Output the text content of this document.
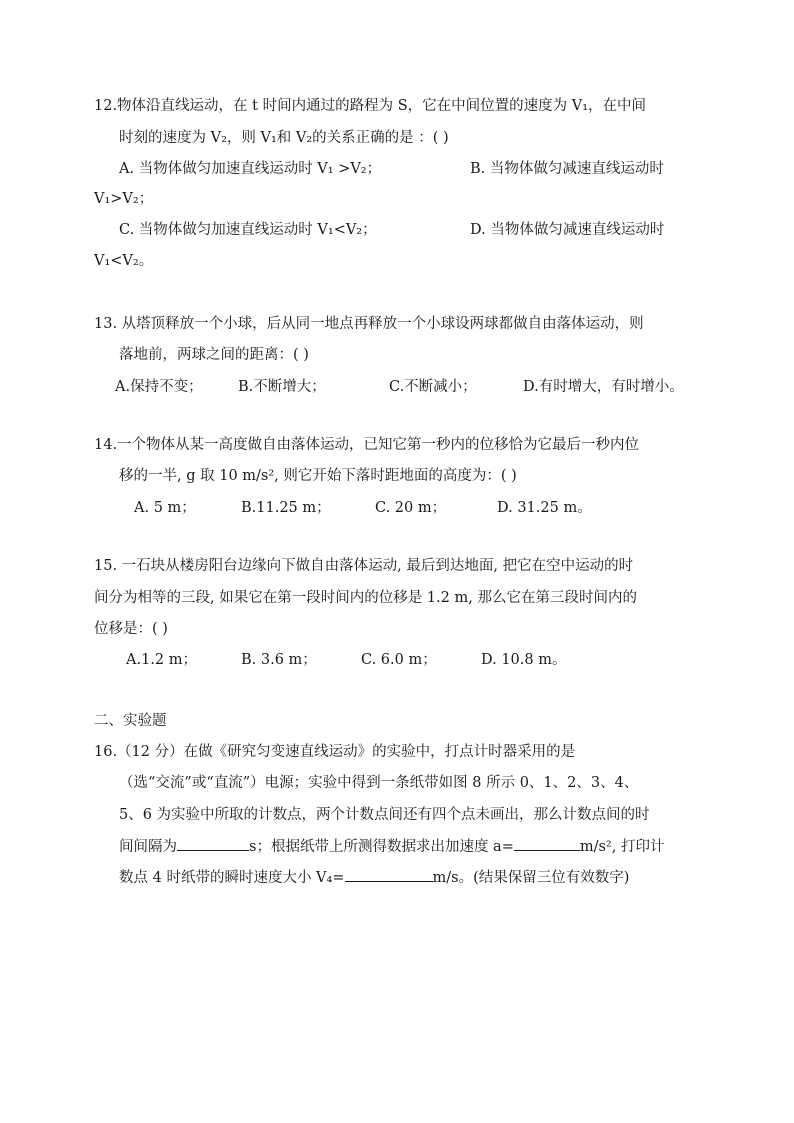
12.物体沿直线运动，在 t 时间内通过的路程为 S，它在中间位置的速度为 V₁，在中间
时刻的速度为 V₂，则 V₁和 V₂的关系正确的是 ：( )
A. 当物体做匀加速直线运动时 V₁ >V₂；	B. 当物体做匀减速直线运动时
V₁>V₂；
C. 当物体做匀加速直线运动时 V₁<V₂；	D. 当物体做匀减速直线运动时
V₁<V₂。
13. 从塔顶释放一个小球，后从同一地点再释放一个小球设两球都做自由落体运动，则
落地前，两球之间的距离：( )
A.保持不变； B.不断增大；	C.不断减小；	D.有时增大，有时增小。
14.一个物体从某一高度做自由落体运动，已知它第一秒内的位移恰为它最后一秒内位
移的一半, g 取 10 m/s², 则它开始下落时距地面的高度为：( )
A. 5 m；	B.11.25 m；	C. 20 m；	D. 31.25 m。
15. 一石块从楼房阳台边缘向下做自由落体运动, 最后到达地面, 把它在空中运动的时
间分为相等的三段, 如果它在第一段时间内的位移是 1.2 m, 那么它在第三段时间内的
位移是：( )
A.1.2 m；	B. 3.6 m；	C. 6.0 m；	D. 10.8 m。
二、实验题
16.（12 分）在做《研究匀变速直线运动》的实验中，打点计时器采用的是
（选“交流”或“直流”）电源；实验中得到一条纸带如图 8 所示 0、1、2、3、4、
5、6 为实验中所取的计数点，两个计数点间还有四个点未画出，那么计数点间的时
间间隔为	s；根据纸带上所测得数据求出加速度 a=	m/s², 打印计
数点 4 时纸带的瞬时速度大小 V₄=	m/s。(结果保留三位有效数字)
